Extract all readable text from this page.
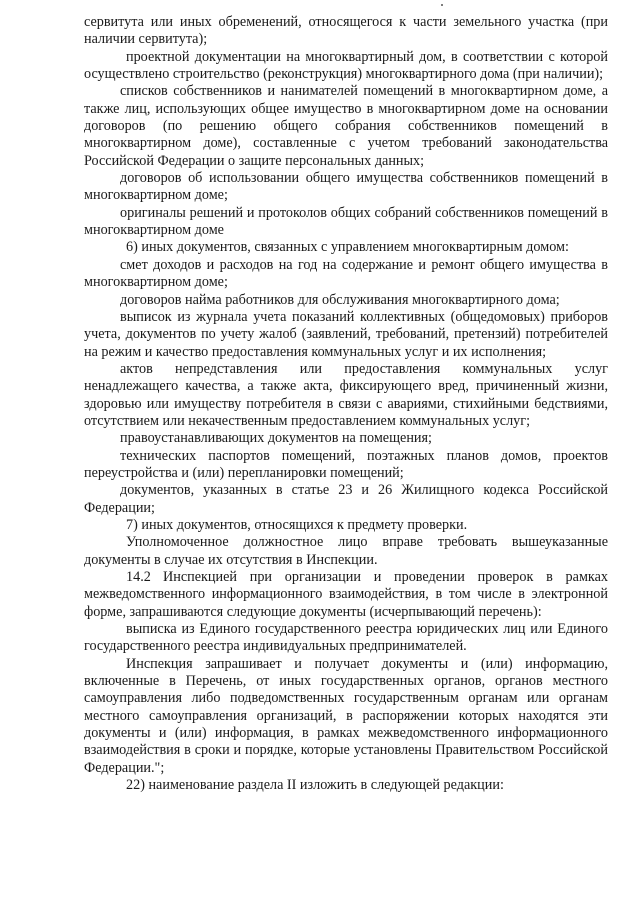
сервитута или иных обременений, относящегося к части земельного участка (при наличии сервитута);

проектной документации на многоквартирный дом, в соответствии с которой осуществлено строительство (реконструкция) многоквартирного дома (при наличии);

списков собственников и нанимателей помещений в многоквартирном доме, а также лиц, использующих общее имущество в многоквартирном доме на основании договоров (по решению общего собрания собственников помещений в многоквартирном доме), составленные с учетом требований законодательства Российской Федерации о защите персональных данных;

договоров об использовании общего имущества собственников помещений в многоквартирном доме;

оригиналы решений и протоколов общих собраний собственников помещений в многоквартирном доме

6) иных документов, связанных с управлением многоквартирным домом:

смет доходов и расходов на год на содержание и ремонт общего имущества в многоквартирном доме;

договоров найма работников для обслуживания многоквартирного дома;

выписок из журнала учета показаний коллективных (общедомовых) приборов учета, документов по учету жалоб (заявлений, требований, претензий) потребителей на режим и качество предоставления коммунальных услуг и их исполнения;

актов непредставления или предоставления коммунальных услуг ненадлежащего качества, а также акта, фиксирующего вред, причиненный жизни, здоровью или имуществу потребителя в связи с авариями, стихийными бедствиями, отсутствием или некачественным предоставлением коммунальных услуг;

правоустанавливающих документов на помещения;

технических паспортов помещений, поэтажных планов домов, проектов переустройства и (или) перепланировки помещений;

документов, указанных в статье 23 и 26 Жилищного кодекса Российской Федерации;

7) иных документов, относящихся к предмету проверки.

Уполномоченное должностное лицо вправе требовать вышеуказанные документы в случае их отсутствия в Инспекции.

14.2 Инспекцией при организации и проведении проверок в рамках межведомственного информационного взаимодействия, в том числе в электронной форме, запрашиваются следующие документы (исчерпывающий перечень):

выписка из Единого государственного реестра юридических лиц или Единого государственного реестра индивидуальных предпринимателей.

Инспекция запрашивает и получает документы и (или) информацию, включенные в Перечень, от иных государственных органов, органов местного самоуправления либо подведомственных государственным органам или органам местного самоуправления организаций, в распоряжении которых находятся эти документы и (или) информация, в рамках межведомственного информационного взаимодействия в сроки и порядке, которые установлены Правительством Российской Федерации.";

22) наименование раздела II изложить в следующей редакции:
